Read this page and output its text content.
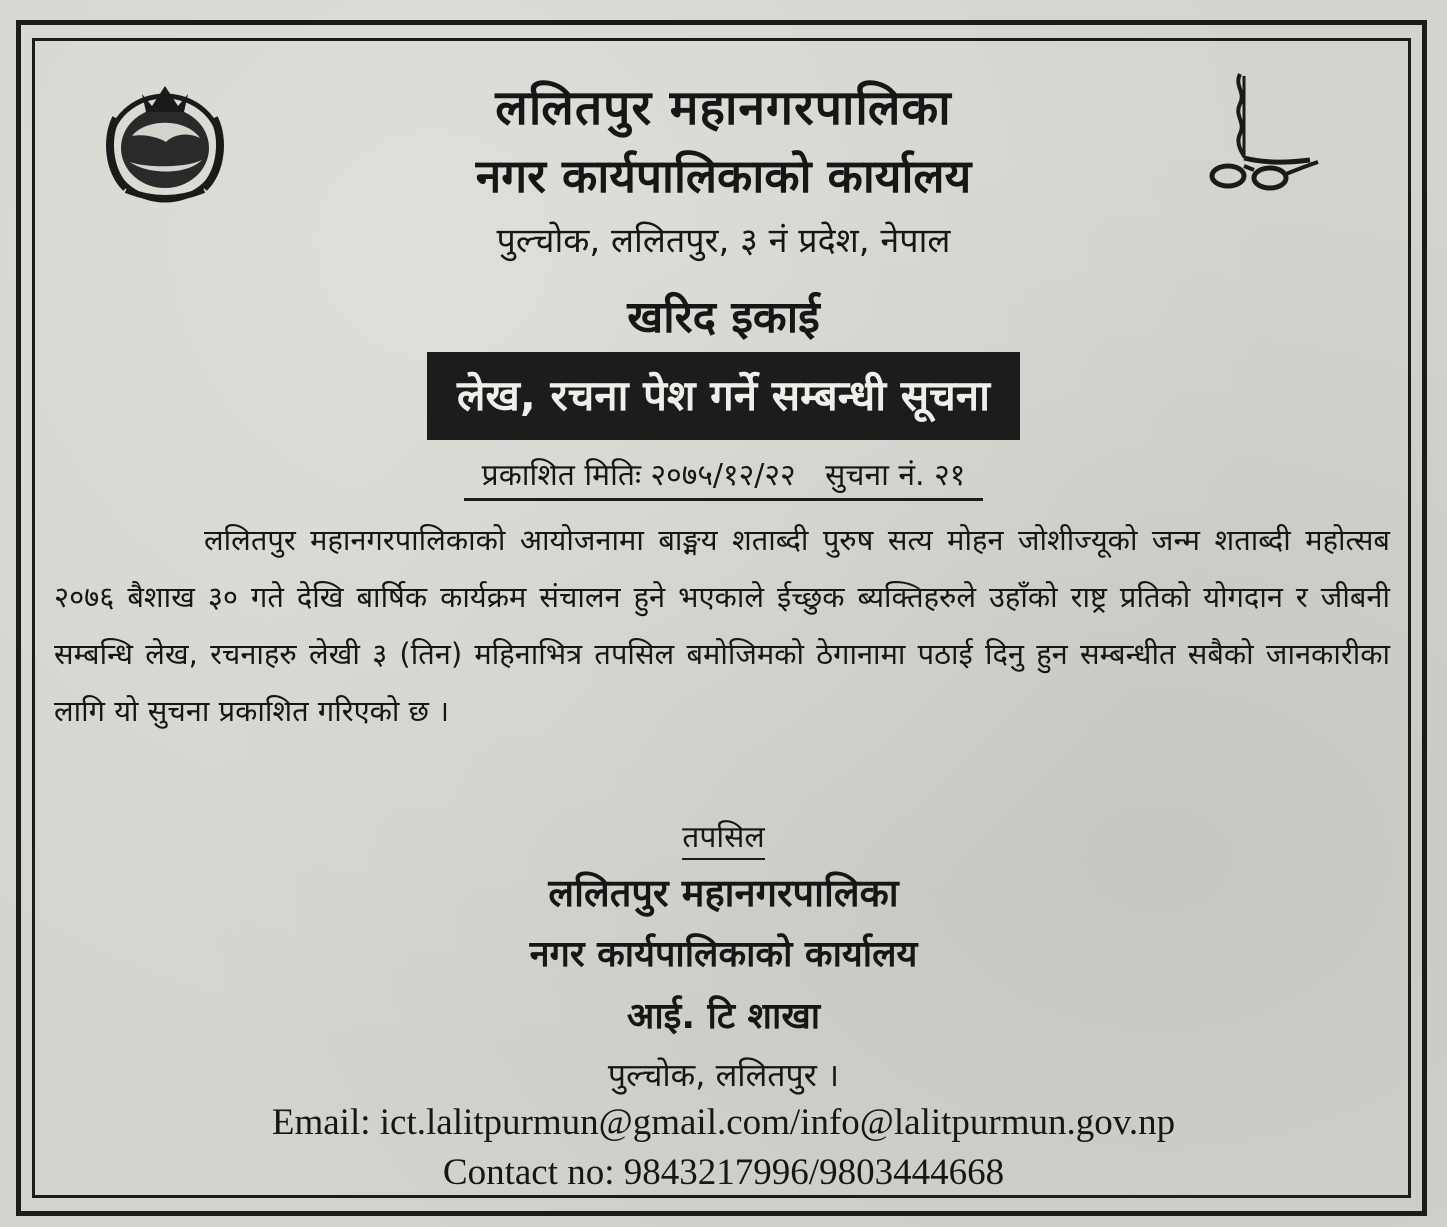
ललितपुर महानगरपालिका
नगर कार्यपालिकाको कार्यालय
पुल्चोक, ललितपुर, ३ नं प्रदेश, नेपाल
खरिद इकाई
लेख, रचना पेश गर्ने सम्बन्धी सूचना
प्रकाशित मितिः २०७५/१२/२२ सुचना नं. २१
ललितपुर महानगरपालिकाको आयोजनामा बाङ्मय शताब्दी पुरुष सत्य मोहन जोशीज्यूको जन्म शताब्दी महोत्सब २०७६ बैशाख ३० गते देखि बार्षिक कार्यक्रम संचालन हुने भएकाले ईच्छुक ब्यक्तिहरुले उहाँको राष्ट्र प्रतिको योगदान र जीबनी सम्बन्धि लेख, रचनाहरु लेखी ३ (तिन) महिनाभित्र तपसिल बमोजिमको ठेगानामा पठाई दिनु हुन सम्बन्धीत सबैको जानकारीका लागि यो सुचना प्रकाशित गरिएको छ ।
तपसिल
ललितपुर महानगरपालिका
नगर कार्यपालिकाको कार्यालय
आई. टि शाखा
पुल्चोक, ललितपुर ।
Email: ict.lalitpurmun@gmail.com/info@lalitpurmun.gov.np
Contact no: 9843217996/9803444668
